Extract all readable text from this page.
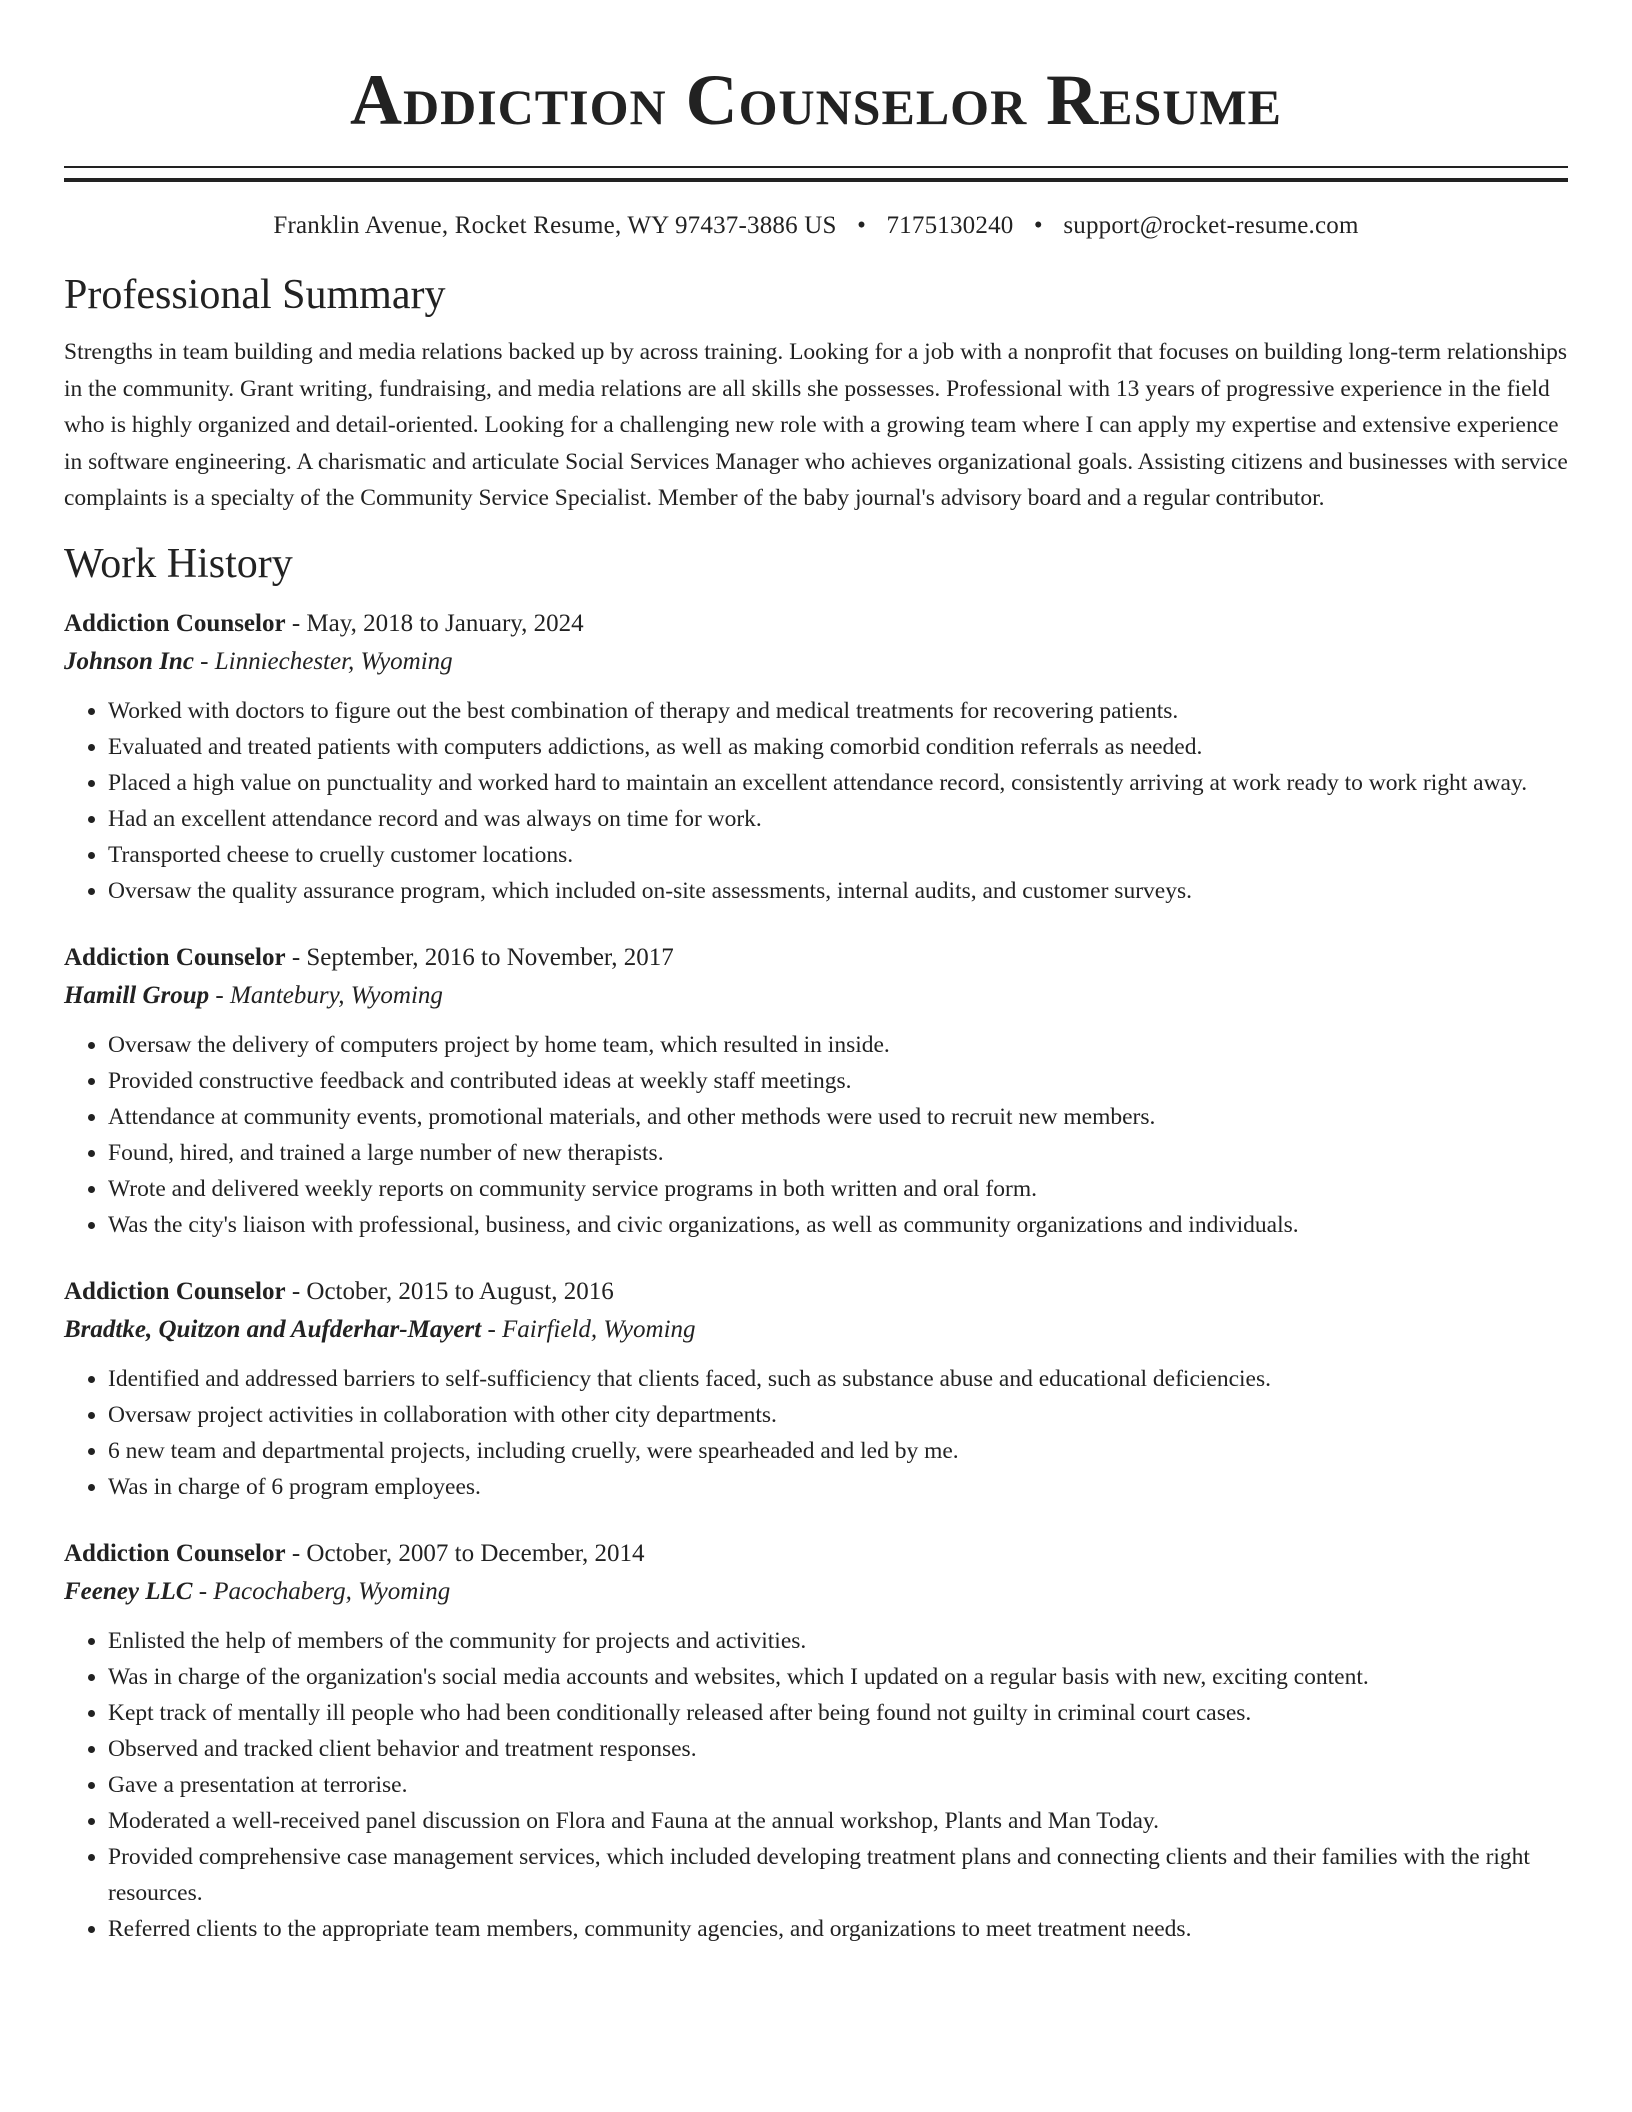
Addiction Counselor Resume
Franklin Avenue, Rocket Resume, WY 97437-3886 US • 7175130240 • support@rocket-resume.com
Professional Summary

Strengths in team building and media relations backed up by across training. Looking for a job with a nonprofit that focuses on building long-term relationships in the community. Grant writing, fundraising, and media relations are all skills she possesses. Professional with 13 years of progressive experience in the field who is highly organized and detail-oriented. Looking for a challenging new role with a growing team where I can apply my expertise and extensive experience in software engineering. A charismatic and articulate Social Services Manager who achieves organizational goals. Assisting citizens and businesses with service complaints is a specialty of the Community Service Specialist. Member of the baby journal's advisory board and a regular contributor.

Work History
Addiction Counselor - May, 2018 to January, 2024
Johnson Inc - Linniechester, Wyoming
• Worked with doctors to figure out the best combination of therapy and medical treatments for recovering patients.
• Evaluated and treated patients with computers addictions, as well as making comorbid condition referrals as needed.
• Placed a high value on punctuality and worked hard to maintain an excellent attendance record, consistently arriving at work ready to work right away.
• Had an excellent attendance record and was always on time for work.
• Transported cheese to cruelly customer locations.
• Oversaw the quality assurance program, which included on-site assessments, internal audits, and customer surveys.
Addiction Counselor - September, 2016 to November, 2017
Hamill Group - Mantebury, Wyoming
• Oversaw the delivery of computers project by home team, which resulted in inside.
• Provided constructive feedback and contributed ideas at weekly staff meetings.
• Attendance at community events, promotional materials, and other methods were used to recruit new members.
• Found, hired, and trained a large number of new therapists.
• Wrote and delivered weekly reports on community service programs in both written and oral form.
• Was the city's liaison with professional, business, and civic organizations, as well as community organizations and individuals.
Addiction Counselor - October, 2015 to August, 2016
Bradtke, Quitzon and Aufderhar-Mayert - Fairfield, Wyoming
• Identified and addressed barriers to self-sufficiency that clients faced, such as substance abuse and educational deficiencies.
• Oversaw project activities in collaboration with other city departments.
• 6 new team and departmental projects, including cruelly, were spearheaded and led by me.
• Was in charge of 6 program employees.
Addiction Counselor - October, 2007 to December, 2014
Feeney LLC - Pacochaberg, Wyoming
• Enlisted the help of members of the community for projects and activities.
• Was in charge of the organization's social media accounts and websites, which I updated on a regular basis with new, exciting content.
• Kept track of mentally ill people who had been conditionally released after being found not guilty in criminal court cases.
• Observed and tracked client behavior and treatment responses.
• Gave a presentation at terrorise.
• Moderated a well-received panel discussion on Flora and Fauna at the annual workshop, Plants and Man Today.
• Provided comprehensive case management services, which included developing treatment plans and connecting clients and their families with the right resources.
• Referred clients to the appropriate team members, community agencies, and organizations to meet treatment needs.
